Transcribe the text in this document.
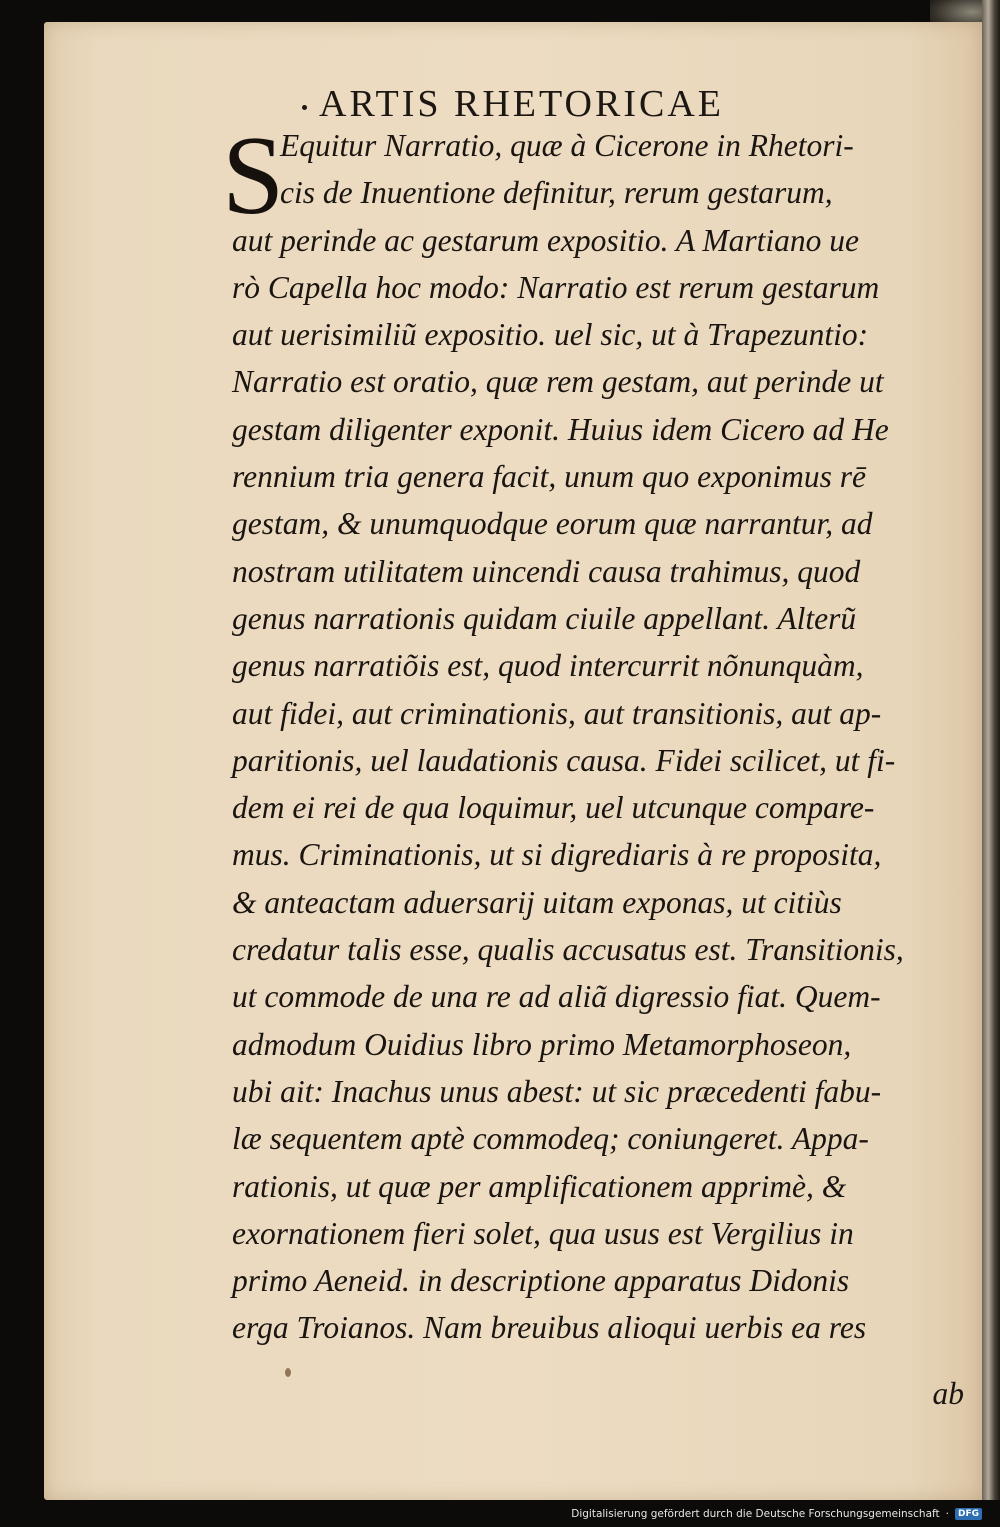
ARTIS RHETORICAE
ab
S
Equitur Narratio, quæ à Cicerone in Rhetori-
cis de Inuentione definitur, rerum gestarum,
aut perinde ac gestarum expositio. A Martiano ue
rò Capella hoc modo: Narratio est rerum gestarum
aut uerisimiliũ expositio. uel sic, ut à Trapezuntio:
Narratio est oratio, quæ rem gestam, aut perinde ut
gestam diligenter exponit. Huius idem Cicero ad He
rennium tria genera facit, unum quo exponimus rē
gestam, & unumquodque eorum quæ narrantur, ad
nostram utilitatem uincendi causa trahimus, quod
genus narrationis quidam ciuile appellant. Alterũ
genus narratiõis est, quod intercurrit nõnunquàm,
aut fidei, aut criminationis, aut transitionis, aut ap-
paritionis, uel laudationis causa. Fidei scilicet, ut fi-
dem ei rei de qua loquimur, uel utcunque compare-
mus. Criminationis, ut si digrediaris à re proposita,
& anteactam aduersarij uitam exponas, ut citiùs
credatur talis esse, qualis accusatus est. Transitionis,
ut commode de una re ad aliã digressio fiat. Quem-
admodum Ouidius libro primo Metamorphoseon,
ubi ait: Inachus unus abest: ut sic præcedenti fabu-
læ sequentem aptè commodeq; coniungeret. Appa-
rationis, ut quæ per amplificationem apprimè, &
exornationem fieri solet, qua usus est Vergilius in
primo Aeneid. in descriptione apparatus Didonis
erga Troianos. Nam breuibus alioqui uerbis ea res
Digitalisierung gefördert durch die Deutsche Forschungsgemeinschaft ·	DFG
